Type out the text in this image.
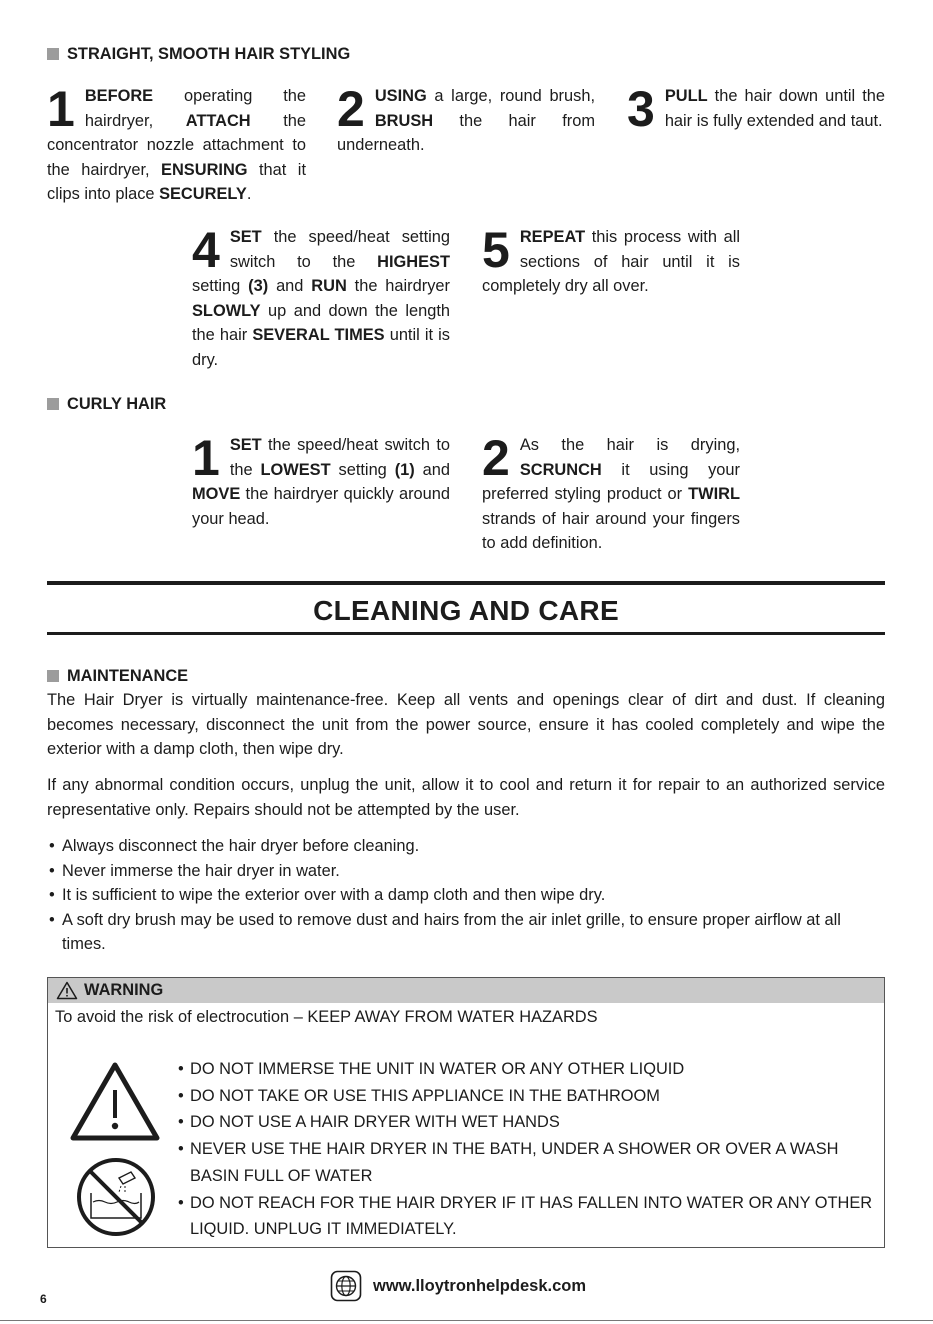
STRAIGHT, SMOOTH HAIR STYLING
1 BEFORE operating the hairdryer, ATTACH the concentrator nozzle attachment to the hairdryer, ENSURING that it clips into place SECURELY.
2 USING a large, round brush, BRUSH the hair from underneath.
3 PULL the hair down until the hair is fully extended and taut.
4 SET the speed/heat setting switch to the HIGHEST setting (3) and RUN the hairdryer SLOWLY up and down the length the hair SEVERAL TIMES until it is dry.
5 REPEAT this process with all sections of hair until it is completely dry all over.
CURLY HAIR
1 SET the speed/heat switch to the LOWEST setting (1) and MOVE the hairdryer quickly around your head.
2 As the hair is drying, SCRUNCH it using your preferred styling product or TWIRL strands of hair around your fingers to add definition.
CLEANING AND CARE
MAINTENANCE
The Hair Dryer is virtually maintenance-free. Keep all vents and openings clear of dirt and dust. If cleaning becomes necessary, disconnect the unit from the power source, ensure it has cooled completely and wipe the exterior with a damp cloth, then wipe dry.
If any abnormal condition occurs, unplug the unit, allow it to cool and return it for repair to an authorized service representative only. Repairs should not be attempted by the user.
• Always disconnect the hair dryer before cleaning.
• Never immerse the hair dryer in water.
• It is sufficient to wipe the exterior over with a damp cloth and then wipe dry.
• A soft dry brush may be used to remove dust and hairs from the air inlet grille, to ensure proper airflow at all times.
WARNING
To avoid the risk of electrocution – KEEP AWAY FROM WATER HAZARDS
• DO NOT IMMERSE THE UNIT IN WATER OR ANY OTHER LIQUID
• DO NOT TAKE OR USE THIS APPLIANCE IN THE BATHROOM
• DO NOT USE A HAIR DRYER WITH WET HANDS
• NEVER USE THE HAIR DRYER IN THE BATH, UNDER A SHOWER OR OVER A WASH BASIN FULL OF WATER
• DO NOT REACH FOR THE HAIR DRYER IF IT HAS FALLEN INTO WATER OR ANY OTHER LIQUID. UNPLUG IT IMMEDIATELY.
www.lloytronhelpdesk.com
6
